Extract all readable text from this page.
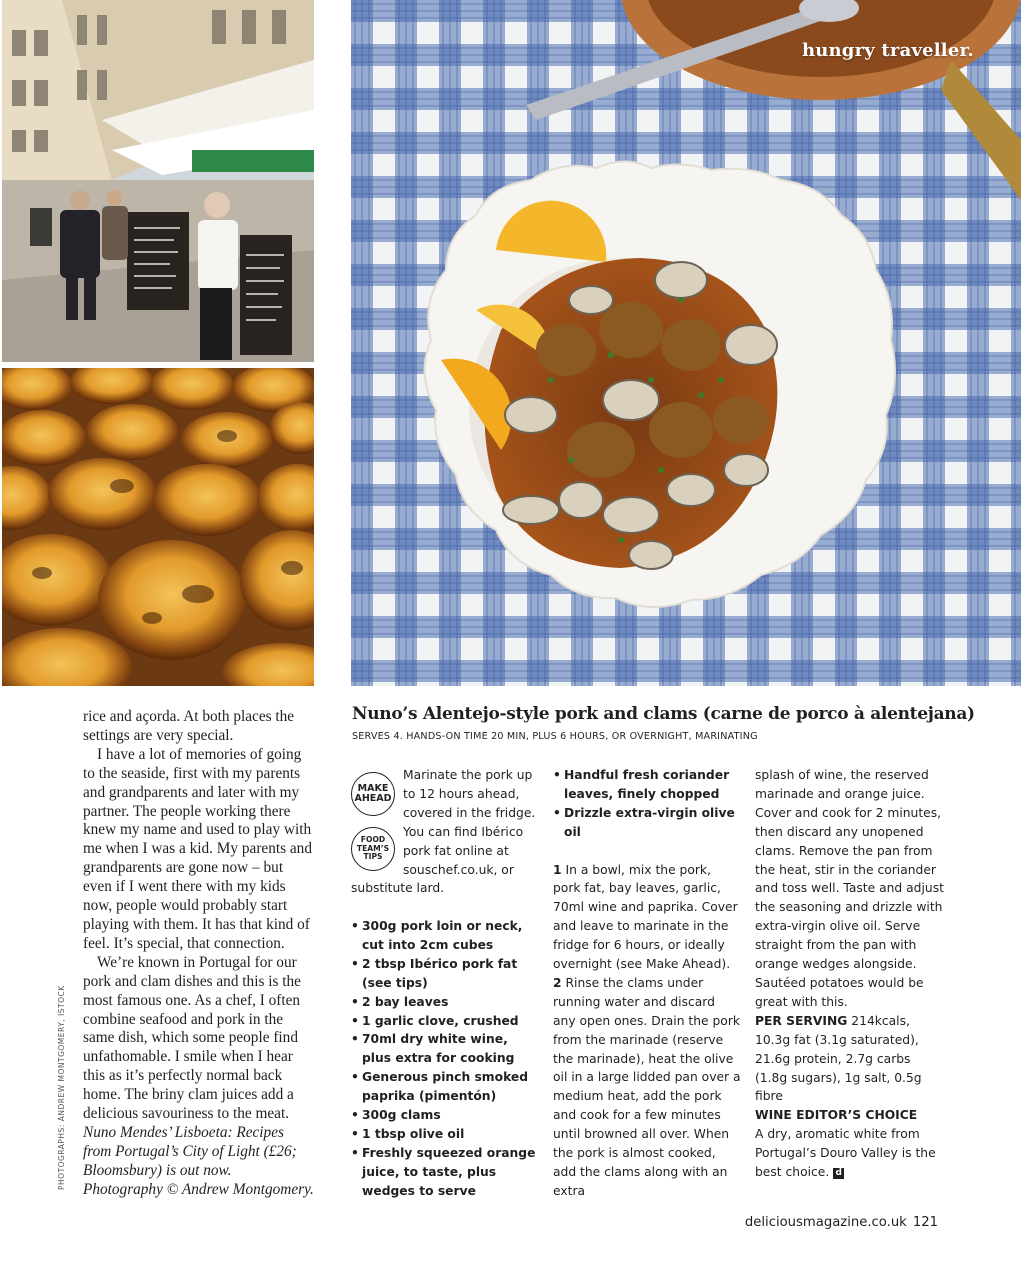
hungry traveller.

rice and açorda. At both places the settings are very special.

I have a lot of memories of going to the seaside, first with my parents and grandparents and later with my partner. The people working there knew my name and used to play with me when I was a kid. My parents and grandparents are gone now – but even if I went there with my kids now, people would probably start playing with them. It has that kind of feel. It’s special, that connection.

We’re known in Portugal for our pork and clam dishes and this is the most famous one. As a chef, I often combine seafood and pork in the same dish, which some people find unfathomable. I smile when I hear this as it’s perfectly normal back home. The briny clam juices add a delicious savouriness to the meat.

Nuno Mendes’ Lisboeta: Recipes from Portugal’s City of Light (£26; Bloomsbury) is out now. Photography © Andrew Montgomery.

PHOTOGRAPHS: ANDREW MONTGOMERY, ISTOCK
Nuno’s Alentejo-style pork and clams (carne de porco à alentejana)
SERVES 4. HANDS-ON TIME 20 MIN, PLUS 6 HOURS, OR OVERNIGHT, MARINATING
Marinate the pork up to 12 hours ahead, covered in the fridge. You can find Ibérico pork fat online at souschef.co.uk, or substitute lard.
MAKE AHEAD
FOOD TEAM’S TIPS
• 300g pork loin or neck, cut into 2cm cubes
• 2 tbsp Ibérico pork fat (see tips)
• 2 bay leaves
• 1 garlic clove, crushed
• 70ml dry white wine, plus extra for cooking
• Generous pinch smoked paprika (pimentón)
• 300g clams
• 1 tbsp olive oil
• Freshly squeezed orange juice, to taste, plus wedges to serve
• Handful fresh coriander leaves, finely chopped
• Drizzle extra-virgin olive oil
1 In a bowl, mix the pork, pork fat, bay leaves, garlic, 70ml wine and paprika. Cover and leave to marinate in the fridge for 6 hours, or ideally overnight (see Make Ahead).
2 Rinse the clams under running water and discard any open ones. Drain the pork from the marinade (reserve the marinade), heat the olive oil in a large lidded pan over a medium heat, add the pork and cook for a few minutes until browned all over. When the pork is almost cooked, add the clams along with an extra
splash of wine, the reserved marinade and orange juice. Cover and cook for 2 minutes, then discard any unopened clams. Remove the pan from the heat, stir in the coriander and toss well. Taste and adjust the seasoning and drizzle with extra-virgin olive oil. Serve straight from the pan with orange wedges alongside. Sautéed potatoes would be great with this.
PER SERVING 214kcals, 10.3g fat (3.1g saturated), 21.6g protein, 2.7g carbs (1.8g sugars), 1g salt, 0.5g fibre
WINE EDITOR’S CHOICE
A dry, aromatic white from Portugal’s Douro Valley is the best choice. d
deliciousmagazine.co.uk 121
